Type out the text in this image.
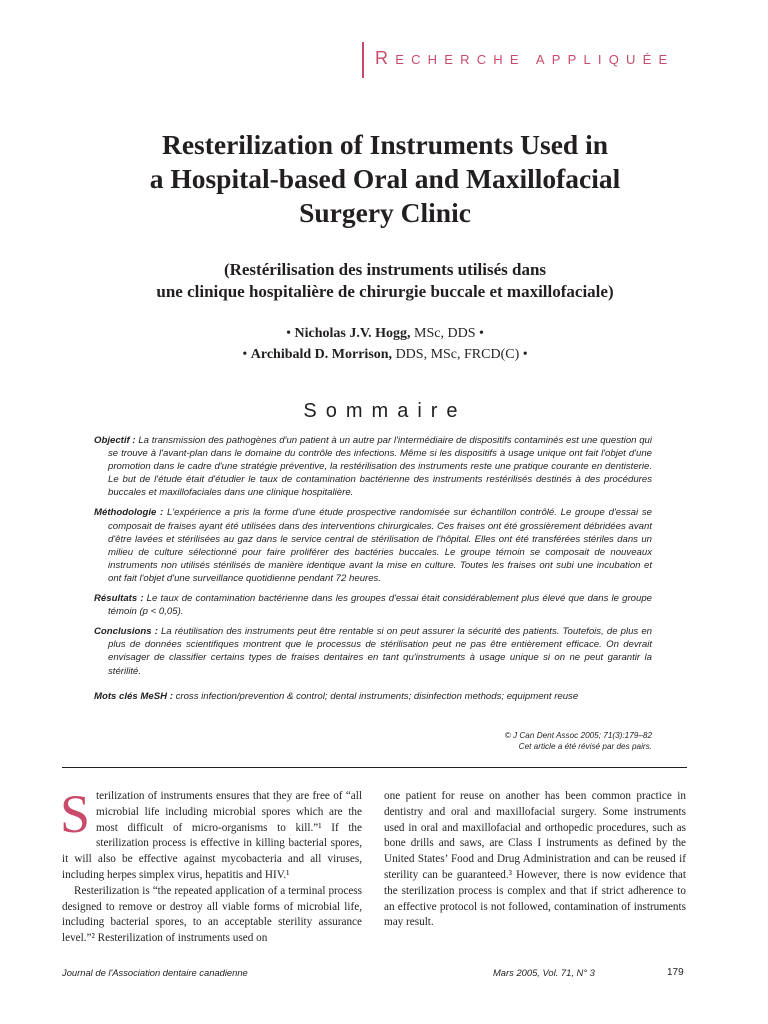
RECHERCHE APPLIQUÉE
Resterilization of Instruments Used in
a Hospital-based Oral and Maxillofacial
Surgery Clinic
(Restérilisation des instruments utilisés dans
une clinique hospitalière de chirurgie buccale et maxillofaciale)
• Nicholas J.V. Hogg, MSc, DDS •
• Archibald D. Morrison, DDS, MSc, FRCD(C) •
Sommaire

Objectif : La transmission des pathogènes d'un patient à un autre par l'intermédiaire de dispositifs contaminés est une question qui se trouve à l'avant-plan dans le domaine du contrôle des infections. Même si les dispositifs à usage unique ont fait l'objet d'une promotion dans le cadre d'une stratégie préventive, la restérilisation des instruments reste une pratique courante en dentisterie. Le but de l'étude était d'étudier le taux de contamination bactérienne des instruments restérilisés destinés à des procédures buccales et maxillofaciales dans une clinique hospitalière.

Méthodologie : L'expérience a pris la forme d'une étude prospective randomisée sur échantillon contrôlé. Le groupe d'essai se composait de fraises ayant été utilisées dans des interventions chirurgicales. Ces fraises ont été grossièrement débridées avant d'être lavées et stérilisées au gaz dans le service central de stérilisation de l'hôpital. Elles ont été transférées stériles dans un milieu de culture sélectionné pour faire proliférer des bactéries buccales. Le groupe témoin se composait de nouveaux instruments non utilisés stérilisés de manière identique avant la mise en culture. Toutes les fraises ont subi une incubation et ont fait l'objet d'une surveillance quotidienne pendant 72 heures.

Résultats : Le taux de contamination bactérienne dans les groupes d'essai était considérablement plus élevé que dans le groupe témoin (p < 0,05).

Conclusions : La réutilisation des instruments peut être rentable si on peut assurer la sécurité des patients. Toutefois, de plus en plus de données scientifiques montrent que le processus de stérilisation peut ne pas être entièrement efficace. On devrait envisager de classifier certains types de fraises dentaires en tant qu'instruments à usage unique si on ne peut garantir la stérilité.

Mots clés MeSH : cross infection/prevention & control; dental instruments; disinfection methods; equipment reuse

© J Can Dent Assoc 2005; 71(3):179–82
Cet article a été révisé par des pairs.

Sterilization of instruments ensures that they are free of “all microbial life including microbial spores which are the most difficult of micro-organisms to kill.”¹ If the sterilization process is effective in killing bacterial spores, it will also be effective against mycobacteria and all viruses, including herpes simplex virus, hepatitis and HIV.¹

Resterilization is “the repeated application of a terminal process designed to remove or destroy all viable forms of microbial life, including bacterial spores, to an acceptable sterility assurance level.”² Resterilization of instruments used on

one patient for reuse on another has been common practice in dentistry and oral and maxillofacial surgery. Some instruments used in oral and maxillofacial and orthopedic procedures, such as bone drills and saws, are Class I instruments as defined by the United States’ Food and Drug Administration and can be reused if sterility can be guaranteed.³ However, there is now evidence that the sterilization process is complex and that if strict adherence to an effective protocol is not followed, contamination of instruments may result.

Journal de l'Association dentaire canadienne	Mars 2005, Vol. 71, N° 3	179
